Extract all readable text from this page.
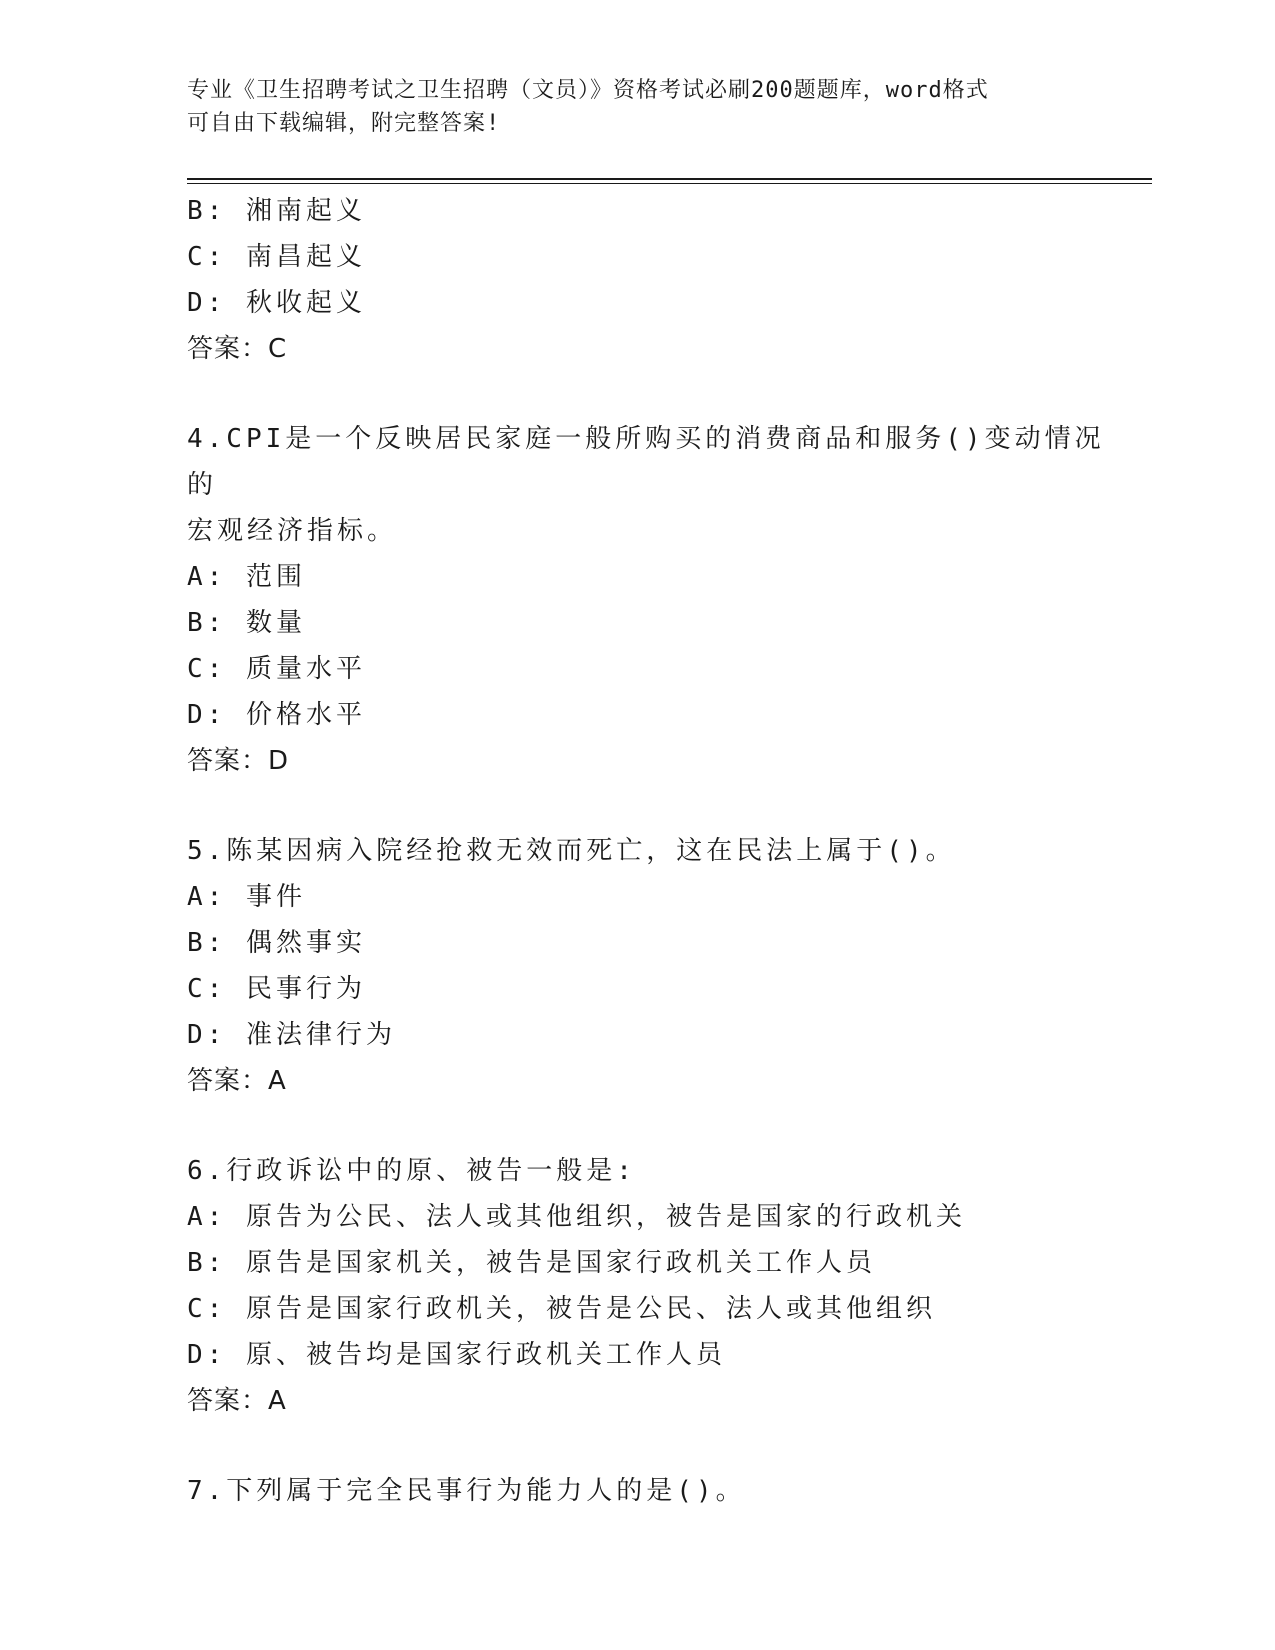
专业《卫生招聘考试之卫生招聘（文员）》资格考试必刷200题题库，word格式
可自由下载编辑，附完整答案!
B: 湘南起义
C: 南昌起义
D: 秋收起义
答案：C
4.CPI是一个反映居民家庭一般所购买的消费商品和服务()变动情况的
宏观经济指标。
A: 范围
B: 数量
C: 质量水平
D: 价格水平
答案：D
5.陈某因病入院经抢救无效而死亡，这在民法上属于()。
A: 事件
B: 偶然事实
C: 民事行为
D: 准法律行为
答案：A
6.行政诉讼中的原、被告一般是:
A: 原告为公民、法人或其他组织，被告是国家的行政机关
B: 原告是国家机关，被告是国家行政机关工作人员
C: 原告是国家行政机关，被告是公民、法人或其他组织
D: 原、被告均是国家行政机关工作人员
答案：A
7.下列属于完全民事行为能力人的是()。
